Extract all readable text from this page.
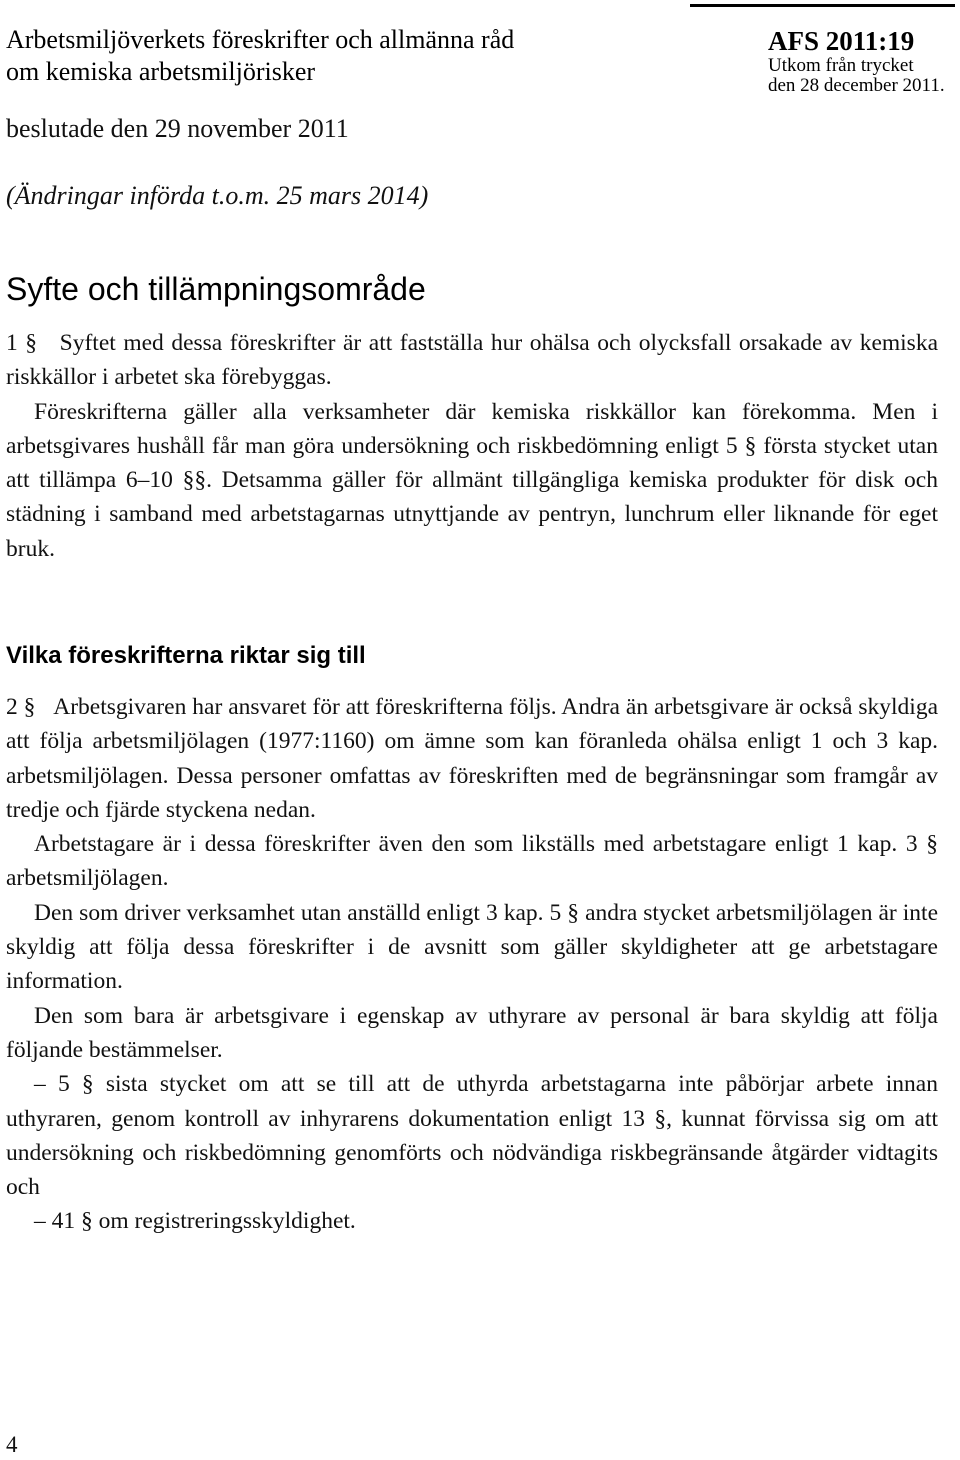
Arbetsmiljöverkets föreskrifter och allmänna råd
om kemiska arbetsmiljörisker
AFS 2011:19
Utkom från trycket
den 28 december 2011.
beslutade den 29 november 2011
(Ändringar införda t.o.m. 25 mars 2014)
Syfte och tillämpningsområde

1 § Syftet med dessa föreskrifter är att fastställa hur ohälsa och olycksfall orsakade av kemiska riskkällor i arbetet ska förebyggas.

Föreskrifterna gäller alla verksamheter där kemiska riskkällor kan förekomma. Men i arbetsgivares hushåll får man göra undersökning och riskbedömning enligt 5 § första stycket utan att tillämpa 6–10 §§. Detsamma gäller för allmänt tillgängliga kemiska produkter för disk och städning i samband med arbetstagarnas utnyttjande av pentryn, lunchrum eller liknande för eget bruk.

Vilka föreskrifterna riktar sig till

2 § Arbetsgivaren har ansvaret för att föreskrifterna följs. Andra än arbetsgivare är också skyldiga att följa arbetsmiljölagen (1977:1160) om ämne som kan föranleda ohälsa enligt 1 och 3 kap. arbetsmiljölagen. Dessa personer omfattas av föreskriften med de begränsningar som framgår av tredje och fjärde styckena nedan.

Arbetstagare är i dessa föreskrifter även den som likställs med arbetstagare enligt 1 kap. 3 § arbetsmiljölagen.

Den som driver verksamhet utan anställd enligt 3 kap. 5 § andra stycket arbetsmiljölagen är inte skyldig att följa dessa föreskrifter i de avsnitt som gäller skyldigheter att ge arbetstagare information.

Den som bara är arbetsgivare i egenskap av uthyrare av personal är bara skyldig att följa följande bestämmelser.

– 5 § sista stycket om att se till att de uthyrda arbetstagarna inte påbörjar arbete innan uthyraren, genom kontroll av inhyrarens dokumentation enligt 13 §, kunnat förvissa sig om att undersökning och riskbedömning genomförts och nödvändiga riskbegränsande åtgärder vidtagits och

– 41 § om registreringsskyldighet.

4
